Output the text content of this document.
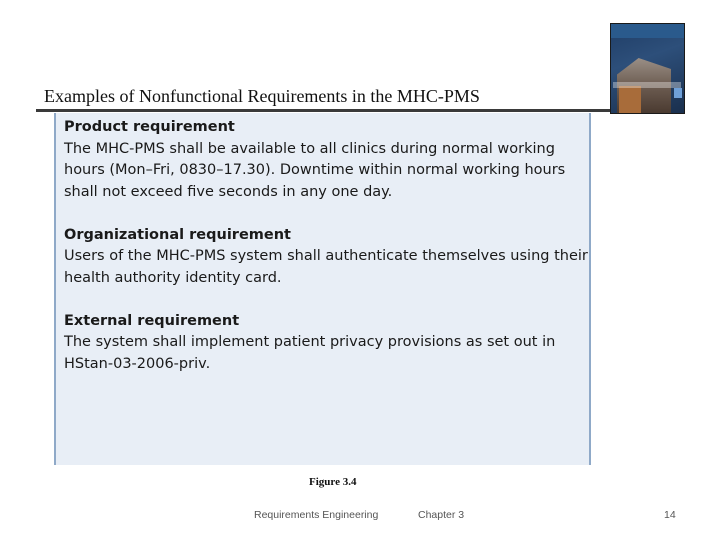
Examples of Nonfunctional Requirements in the MHC-PMS
Product requirement
The MHC-PMS shall be available to all clinics during normal working hours (Mon–Fri, 0830–17.30). Downtime within normal working hours shall not exceed five seconds in any one day.
Organizational requirement
Users of the MHC-PMS system shall authenticate themselves using their health authority identity card.
External requirement
The system shall implement patient privacy provisions as set out in HStan-03-2006-priv.
Figure 3.4
Requirements Engineering	Chapter 3	14
